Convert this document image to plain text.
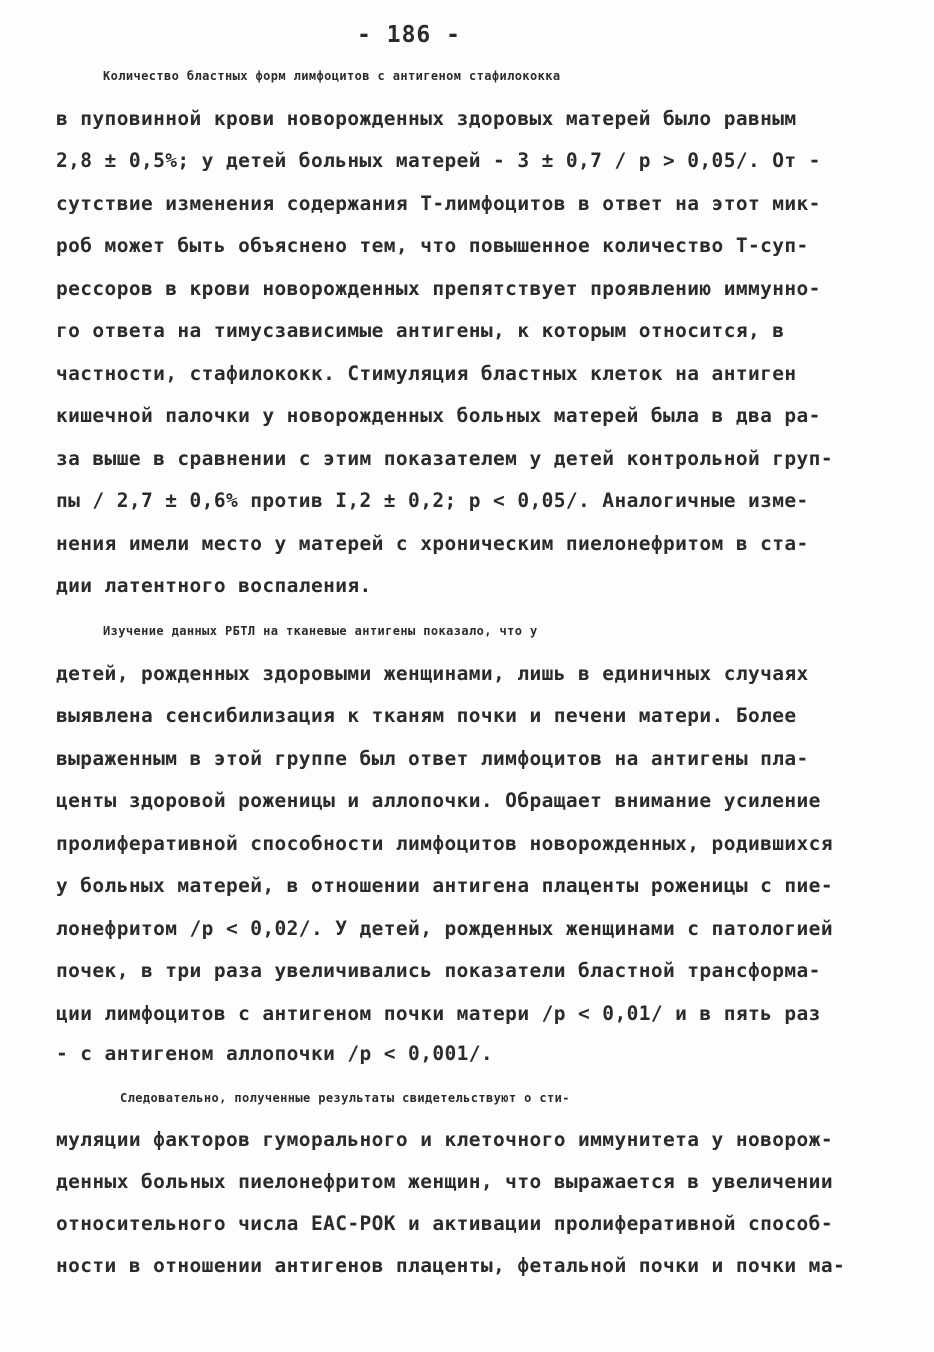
- 186 -
Количество бластных форм лимфоцитов с антигеном стафилококка
в пуповинной крови новорожденных здоровых матерей было равным
2,8 ± 0,5%; у детей больных матерей - 3 ± 0,7 / p > 0,05/. От -
сутствие изменения содержания Т-лимфоцитов в ответ на этот мик-
роб может быть объяснено тем, что повышенное количество Т-суп-
рессоров в крови новорожденных препятствует проявлению иммунно-
го ответа на тимусзависимые антигены, к которым относится, в
частности, стафилококк. Стимуляция бластных клеток на антиген
кишечной палочки у новорожденных больных матерей была в два ра-
за выше в сравнении с этим показателем у детей контрольной груп-
пы / 2,7 ± 0,6% против I,2 ± 0,2; p < 0,05/. Аналогичные изме-
нения имели место у матерей с хроническим пиелонефритом в ста-
дии латентного воспаления.
Изучение данных РБТЛ на тканевые антигены показало, что у
детей, рожденных здоровыми женщинами, лишь в единичных случаях
выявлена сенсибилизация к тканям почки и печени матери. Более
выраженным в этой группе был ответ лимфоцитов на антигены пла-
центы здоровой роженицы и аллопочки. Обращает внимание усиление
пролиферативной способности лимфоцитов новорожденных, родившихся
у больных матерей, в отношении антигена плаценты роженицы с пие-
лонефритом /p < 0,02/. У детей, рожденных женщинами с патологией
почек, в три раза увеличивались показатели бластной трансформа-
ции лимфоцитов с антигеном почки матери /p < 0,01/ и в пять раз
- с антигеном аллопочки /p < 0,001/.
Следовательно, полученные результаты свидетельствуют о сти-
муляции факторов гуморального и клеточного иммунитета у новорож-
денных больных пиелонефритом женщин, что выражается в увеличении
относительного числа ЕАС-РОК и активации пролиферативной способ-
ности в отношении антигенов плаценты, фетальной почки и почки ма-
